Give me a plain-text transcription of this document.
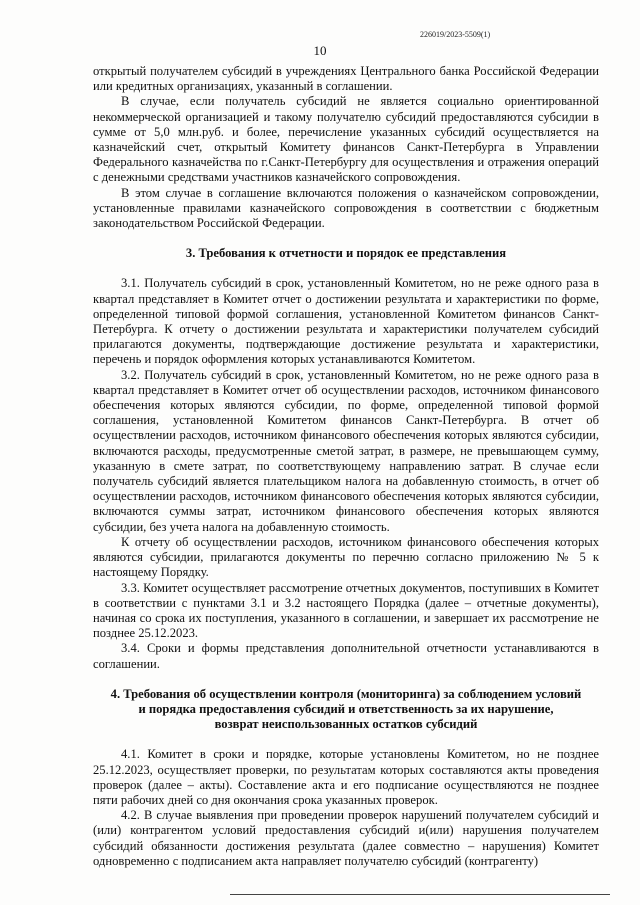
226019/2023-5509(1)
10

открытый получателем субсидий в учреждениях Центрального банка Российской Федерации или кредитных организациях, указанный в соглашении.

В случае, если получатель субсидий не является социально ориентированной некоммерческой организацией и такому получателю субсидий предоставляются субсидии в сумме от 5,0 млн.руб. и более, перечисление указанных субсидий осуществляется на казначейский счет, открытый Комитету финансов Санкт-Петербурга в Управлении Федерального казначейства по г.Санкт-Петербургу для осуществления и отражения операций с денежными средствами участников казначейского сопровождения.

В этом случае в соглашение включаются положения о казначейском сопровождении, установленные правилами казначейского сопровождения в соответствии с бюджетным законодательством Российской Федерации.

3. Требования к отчетности и порядок ее представления

3.1. Получатель субсидий в срок, установленный Комитетом, но не реже одного раза в квартал представляет в Комитет отчет о достижении результата и характеристики по форме, определенной типовой формой соглашения, установленной Комитетом финансов Санкт-Петербурга. К отчету о достижении результата и характеристики получателем субсидий прилагаются документы, подтверждающие достижение результата и характеристики, перечень и порядок оформления которых устанавливаются Комитетом.

3.2. Получатель субсидий в срок, установленный Комитетом, но не реже одного раза в квартал представляет в Комитет отчет об осуществлении расходов, источником финансового обеспечения которых являются субсидии, по форме, определенной типовой формой соглашения, установленной Комитетом финансов Санкт-Петербурга. В отчет об осуществлении расходов, источником финансового обеспечения которых являются субсидии, включаются расходы, предусмотренные сметой затрат, в размере, не превышающем сумму, указанную в смете затрат, по соответствующему направлению затрат. В случае если получатель субсидий является плательщиком налога на добавленную стоимость, в отчет об осуществлении расходов, источником финансового обеспечения которых являются субсидии, включаются суммы затрат, источником финансового обеспечения которых являются субсидии, без учета налога на добавленную стоимость.

К отчету об осуществлении расходов, источником финансового обеспечения которых являются субсидии, прилагаются документы по перечню согласно приложению № 5 к настоящему Порядку.

3.3. Комитет осуществляет рассмотрение отчетных документов, поступивших в Комитет в соответствии с пунктами 3.1 и 3.2 настоящего Порядка (далее – отчетные документы), начиная со срока их поступления, указанного в соглашении, и завершает их рассмотрение не позднее 25.12.2023.

3.4. Сроки и формы представления дополнительной отчетности устанавливаются в соглашении.

4. Требования об осуществлении контроля (мониторинга) за соблюдением условий

и порядка предоставления субсидий и ответственность за их нарушение,

возврат неиспользованных остатков субсидий

4.1. Комитет в сроки и порядке, которые установлены Комитетом, но не позднее 25.12.2023, осуществляет проверки, по результатам которых составляются акты проведения проверок (далее – акты). Составление акта и его подписание осуществляются не позднее пяти рабочих дней со дня окончания срока указанных проверок.

4.2. В случае выявления при проведении проверок нарушений получателем субсидий и (или) контрагентом условий предоставления субсидий и(или) нарушения получателем субсидий обязанности достижения результата (далее совместно – нарушения) Комитет одновременно с подписанием акта направляет получателю субсидий (контрагенту)
